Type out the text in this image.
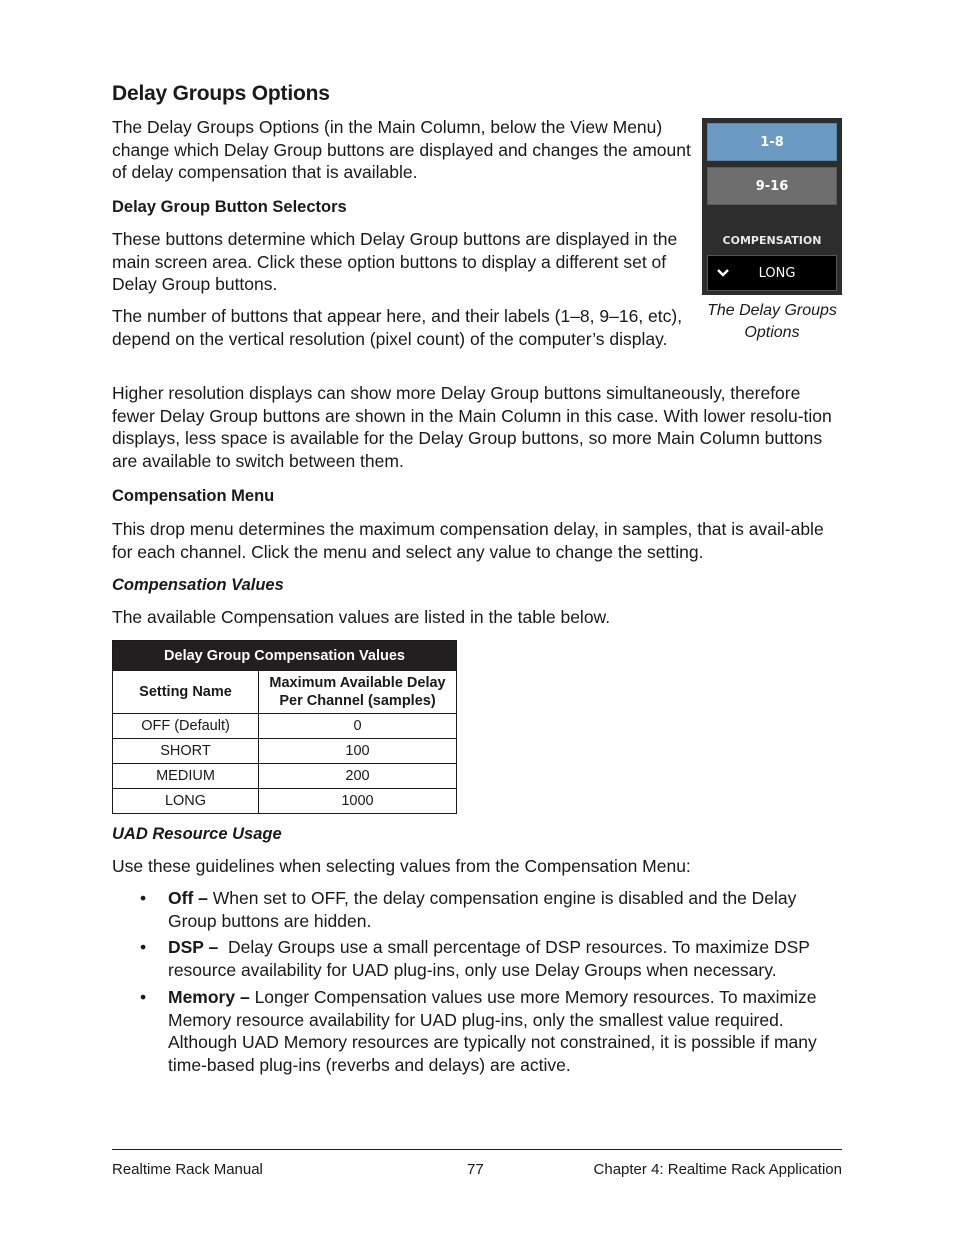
Delay Groups Options

The Delay Groups Options (in the Main Column, below the View Menu) change which Delay Group buttons are displayed and changes the amount of delay compensation that is available.

Delay Group Button Selectors

These buttons determine which Delay Group buttons are displayed in the main screen area. Click these option buttons to display a different set of Delay Group buttons.

The number of buttons that appear here, and their labels (1–8, 9–16, etc), depend on the vertical resolution (pixel count) of the computer’s display.

Higher resolution displays can show more Delay Group buttons simultaneously, therefore fewer Delay Group buttons are shown in the Main Column in this case. With lower resolu-tion displays, less space is available for the Delay Group buttons, so more Main Column buttons are available to switch between them.

Compensation Menu

This drop menu determines the maximum compensation delay, in samples, that is avail-able for each channel. Click the menu and select any value to change the setting.

Compensation Values

The available Compensation values are listed in the table below.

UAD Resource Usage

Use these guidelines when selecting values from the Compensation Menu:

1-8
9-16
COMPENSATION
LONG
The Delay Groups Options
Delay Group Compensation Values	
Setting Name	Maximum Available Delay
Per Channel (samples)
OFF (Default)	0
SHORT	100
MEDIUM	200
LONG	1000
• Off – When set to OFF, the delay compensation engine is disabled and the Delay Group buttons are hidden.

• DSP –  Delay Groups use a small percentage of DSP resources. To maximize DSP resource availability for UAD plug-ins, only use Delay Groups when necessary.

• Memory – Longer Compensation values use more Memory resources. To maximize Memory resource availability for UAD plug-ins, only the smallest value required. Although UAD Memory resources are typically not constrained, it is possible if many time-based plug-ins (reverbs and delays) are active.

Realtime Rack Manual	77	Chapter 4: Realtime Rack Application
